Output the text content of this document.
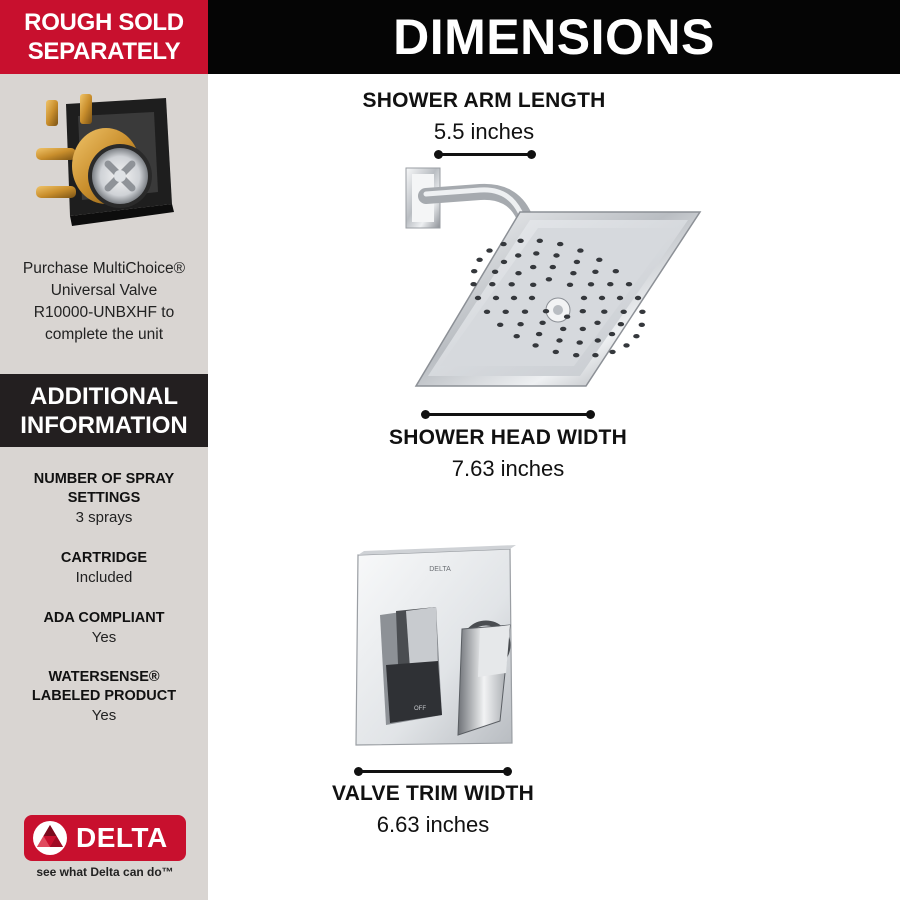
ROUGH SOLD
SEPARATELY
Purchase MultiChoice®
Universal Valve
R10000-UNBXHF to
complete the unit
ADDITIONAL
INFORMATION
NUMBER OF SPRAY
SETTINGS
3 sprays
CARTRIDGE
Included
ADA COMPLIANT
Yes
WATERSENSE®
LABELED PRODUCT
Yes
DELTA
see what Delta can do™
DIMENSIONS
SHOWER ARM LENGTH
5.5 inches
SHOWER HEAD WIDTH
7.63 inches
DELTA
OFF
VALVE TRIM WIDTH
6.63 inches
